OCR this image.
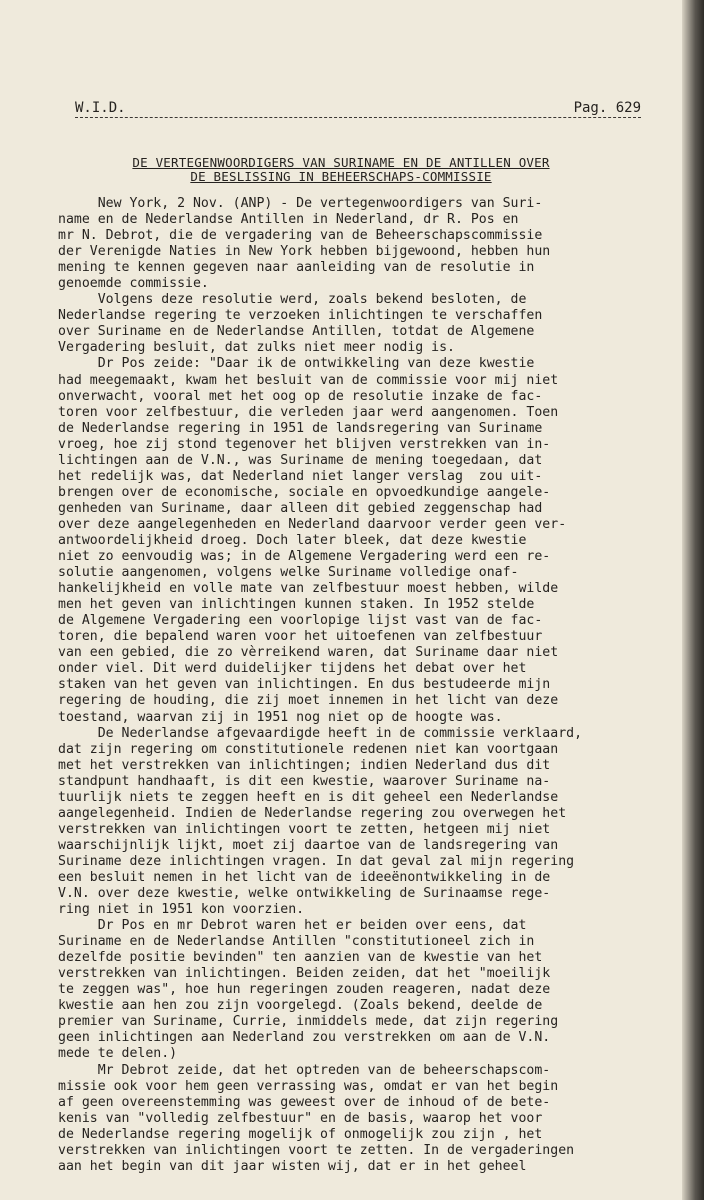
W.I.D.	Pag. 629
DE VERTEGENWOORDIGERS VAN SURINAME EN DE ANTILLEN OVER
DE BESLISSING IN BEHEERSCHAPS-COMMISSIE
New York, 2 Nov. (ANP) - De vertegenwoordigers van Suri-
name en de Nederlandse Antillen in Nederland, dr R. Pos en
mr N. Debrot, die de vergadering van de Beheerschapscommissie
der Verenigde Naties in New York hebben bijgewoond, hebben hun
mening te kennen gegeven naar aanleiding van de resolutie in
genoemde commissie.
Volgens deze resolutie werd, zoals bekend besloten, de
Nederlandse regering te verzoeken inlichtingen te verschaffen
over Suriname en de Nederlandse Antillen, totdat de Algemene
Vergadering besluit, dat zulks niet meer nodig is.
Dr Pos zeide: "Daar ik de ontwikkeling van deze kwestie
had meegemaakt, kwam het besluit van de commissie voor mij niet
onverwacht, vooral met het oog op de resolutie inzake de fac-
toren voor zelfbestuur, die verleden jaar werd aangenomen. Toen
de Nederlandse regering in 1951 de landsregering van Suriname
vroeg, hoe zij stond tegenover het blijven verstrekken van in-
lichtingen aan de V.N., was Suriname de mening toegedaan, dat
het redelijk was, dat Nederland niet langer verslag  zou uit-
brengen over de economische, sociale en opvoedkundige aangele-
genheden van Suriname, daar alleen dit gebied zeggenschap had
over deze aangelegenheden en Nederland daarvoor verder geen ver-
antwoordelijkheid droeg. Doch later bleek, dat deze kwestie
niet zo eenvoudig was; in de Algemene Vergadering werd een re-
solutie aangenomen, volgens welke Suriname volledige onaf-
hankelijkheid en volle mate van zelfbestuur moest hebben, wilde
men het geven van inlichtingen kunnen staken. In 1952 stelde
de Algemene Vergadering een voorlopige lijst vast van de fac-
toren, die bepalend waren voor het uitoefenen van zelfbestuur
van een gebied, die zo vèrreikend waren, dat Suriname daar niet
onder viel. Dit werd duidelijker tijdens het debat over het
staken van het geven van inlichtingen. En dus bestudeerde mijn
regering de houding, die zij moet innemen in het licht van deze
toestand, waarvan zij in 1951 nog niet op de hoogte was.
De Nederlandse afgevaardigde heeft in de commissie verklaard,
dat zijn regering om constitutionele redenen niet kan voortgaan
met het verstrekken van inlichtingen; indien Nederland dus dit
standpunt handhaaft, is dit een kwestie, waarover Suriname na-
tuurlijk niets te zeggen heeft en is dit geheel een Nederlandse
aangelegenheid. Indien de Nederlandse regering zou overwegen het
verstrekken van inlichtingen voort te zetten, hetgeen mij niet
waarschijnlijk lijkt, moet zij daartoe van de landsregering van
Suriname deze inlichtingen vragen. In dat geval zal mijn regering
een besluit nemen in het licht van de ideeënontwikkeling in de
V.N. over deze kwestie, welke ontwikkeling de Surinaamse rege-
ring niet in 1951 kon voorzien.
Dr Pos en mr Debrot waren het er beiden over eens, dat
Suriname en de Nederlandse Antillen "constitutioneel zich in
dezelfde positie bevinden" ten aanzien van de kwestie van het
verstrekken van inlichtingen. Beiden zeiden, dat het "moeilijk
te zeggen was", hoe hun regeringen zouden reageren, nadat deze
kwestie aan hen zou zijn voorgelegd. (Zoals bekend, deelde de
premier van Suriname, Currie, inmiddels mede, dat zijn regering
geen inlichtingen aan Nederland zou verstrekken om aan de V.N.
mede te delen.)
Mr Debrot zeide, dat het optreden van de beheerschapscom-
missie ook voor hem geen verrassing was, omdat er van het begin
af geen overeenstemming was geweest over de inhoud of de bete-
kenis van "volledig zelfbestuur" en de basis, waarop het voor
de Nederlandse regering mogelijk of onmogelijk zou zijn , het
verstrekken van inlichtingen voort te zetten. In de vergaderingen
aan het begin van dit jaar wisten wij, dat er in het geheel
